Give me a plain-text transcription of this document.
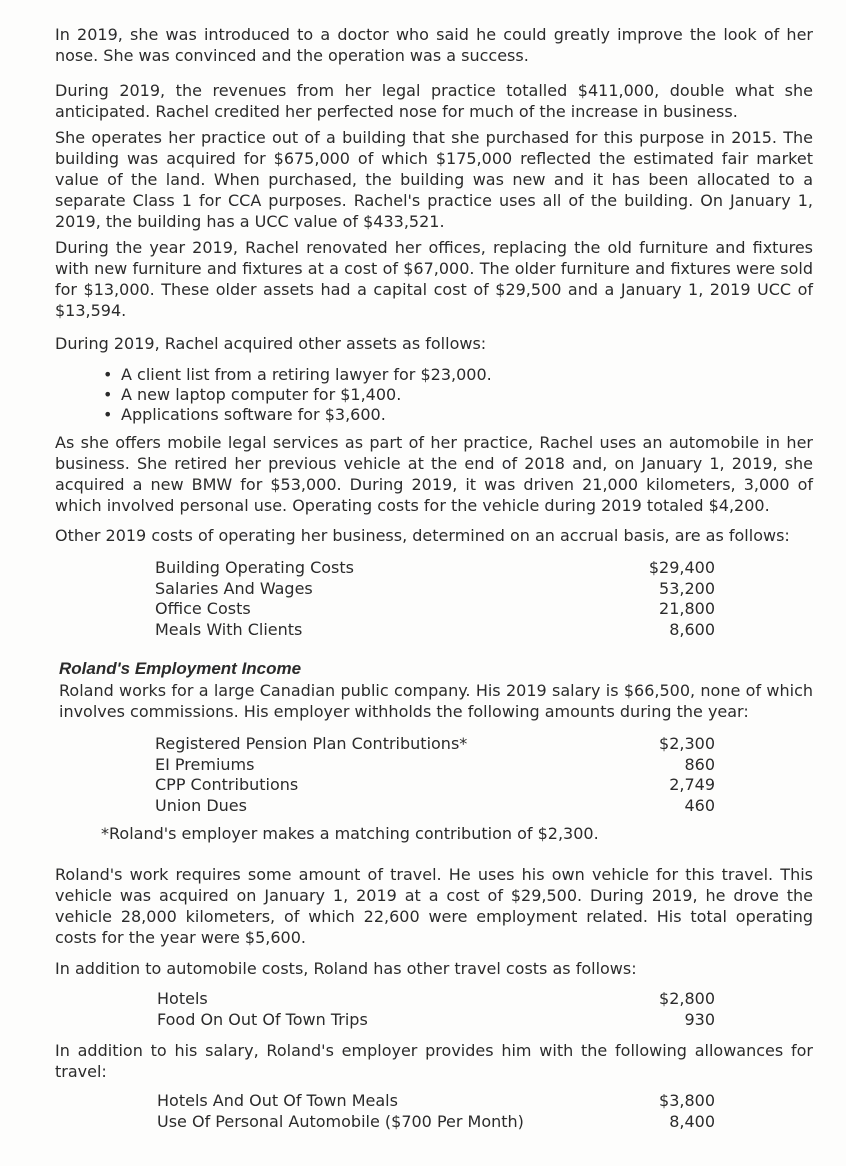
In 2019, she was introduced to a doctor who said he could greatly improve the look of her nose. She was convinced and the operation was a success.

During 2019, the revenues from her legal practice totalled $411,000, double what she anticipated. Rachel credited her perfected nose for much of the increase in business.

She operates her practice out of a building that she purchased for this purpose in 2015. The building was acquired for $675,000 of which $175,000 reflected the estimated fair market value of the land. When purchased, the building was new and it has been allocated to a separate Class 1 for CCA purposes. Rachel's practice uses all of the building. On January 1, 2019, the building has a UCC value of $433,521.

During the year 2019, Rachel renovated her offices, replacing the old furniture and fixtures with new furniture and fixtures at a cost of $67,000. The older furniture and fixtures were sold for $13,000. These older assets had a capital cost of $29,500 and a January 1, 2019 UCC of $13,594.

During 2019, Rachel acquired other assets as follows:

• A client list from a retiring lawyer for $23,000.
• A new laptop computer for $1,400.
• Applications software for $3,600.

As she offers mobile legal services as part of her practice, Rachel uses an automobile in her business. She retired her previous vehicle at the end of 2018 and, on January 1, 2019, she acquired a new BMW for $53,000. During 2019, it was driven 21,000 kilometers, 3,000 of which involved personal use. Operating costs for the vehicle during 2019 totaled $4,200.

Other 2019 costs of operating her business, determined on an accrual basis, are as follows:

Building Operating Costs	$29,400
Salaries And Wages	53,200
Office Costs	21,800
Meals With Clients	8,600
Roland's Employment Income

Roland works for a large Canadian public company. His 2019 salary is $66,500, none of which involves commissions. His employer withholds the following amounts during the year:

Registered Pension Plan Contributions*	$2,300
EI Premiums	860
CPP Contributions	2,749
Union Dues	460

*Roland's employer makes a matching contribution of $2,300.

Roland's work requires some amount of travel. He uses his own vehicle for this travel. This vehicle was acquired on January 1, 2019 at a cost of $29,500. During 2019, he drove the vehicle 28,000 kilometers, of which 22,600 were employment related. His total operating costs for the year were $5,600.

In addition to automobile costs, Roland has other travel costs as follows:

Hotels	$2,800
Food On Out Of Town Trips	930

In addition to his salary, Roland's employer provides him with the following allowances for travel:

Hotels And Out Of Town Meals	$3,800
Use Of Personal Automobile ($700 Per Month)	8,400
